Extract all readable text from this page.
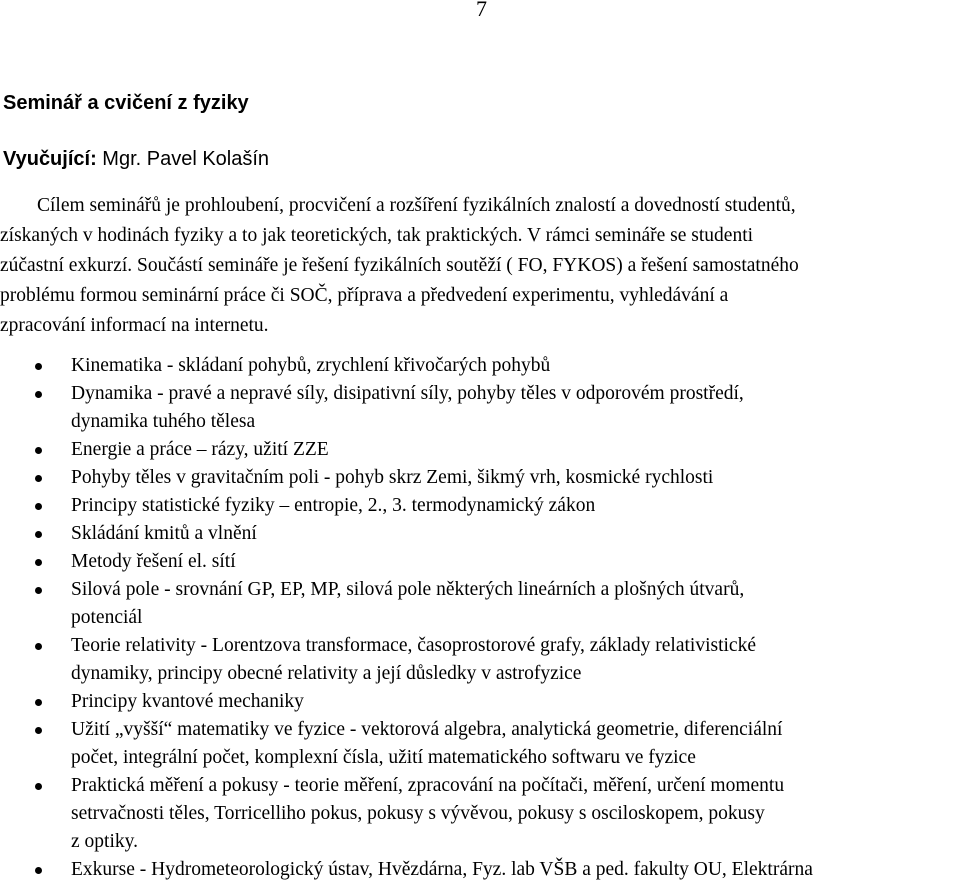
7
Seminář a cvičení z fyziky

Vyučující: Mgr. Pavel Kolašín

Cílem seminářů je prohloubení, procvičení a rozšíření fyzikálních znalostí a dovedností studentů,
získaných v hodinách fyziky a to jak teoretických, tak praktických. V rámci semináře se studenti
zúčastní exkurzí. Součástí semináře je řešení fyzikálních soutěží ( FO, FYKOS) a řešení samostatného
problému formou seminární práce či SOČ, příprava a předvedení experimentu, vyhledávání a
zpracování informací na internetu.

Kinematika - skládaní pohybů, zrychlení křivočarých pohybů
Dynamika - pravé a nepravé síly, disipativní síly, pohyby těles v odporovém prostředí,
dynamika tuhého tělesa
Energie a práce – rázy, užití ZZE
Pohyby těles v gravitačním poli - pohyb skrz Zemi, šikmý vrh, kosmické rychlosti
Principy statistické fyziky – entropie, 2., 3. termodynamický zákon
Skládání kmitů a vlnění
Metody řešení el. sítí
Silová pole - srovnání GP, EP, MP, silová pole některých lineárních a plošných útvarů,
potenciál
Teorie relativity - Lorentzova transformace, časoprostorové grafy, základy relativistické
dynamiky, principy obecné relativity a její důsledky v astrofyzice
Principy kvantové mechaniky
Užití „vyšší“ matematiky ve fyzice - vektorová algebra, analytická geometrie, diferenciální
počet, integrální počet, komplexní čísla, užití matematického softwaru ve fyzice
Praktická měření a pokusy - teorie měření, zpracování na počítači, měření, určení momentu
setrvačnosti těles, Torricelliho pokus, pokusy s vývěvou, pokusy s osciloskopem, pokusy
z optiky.
Exkurse - Hydrometeorologický ústav, Hvězdárna, Fyz. lab VŠB a ped. fakulty OU, Elektrárna
